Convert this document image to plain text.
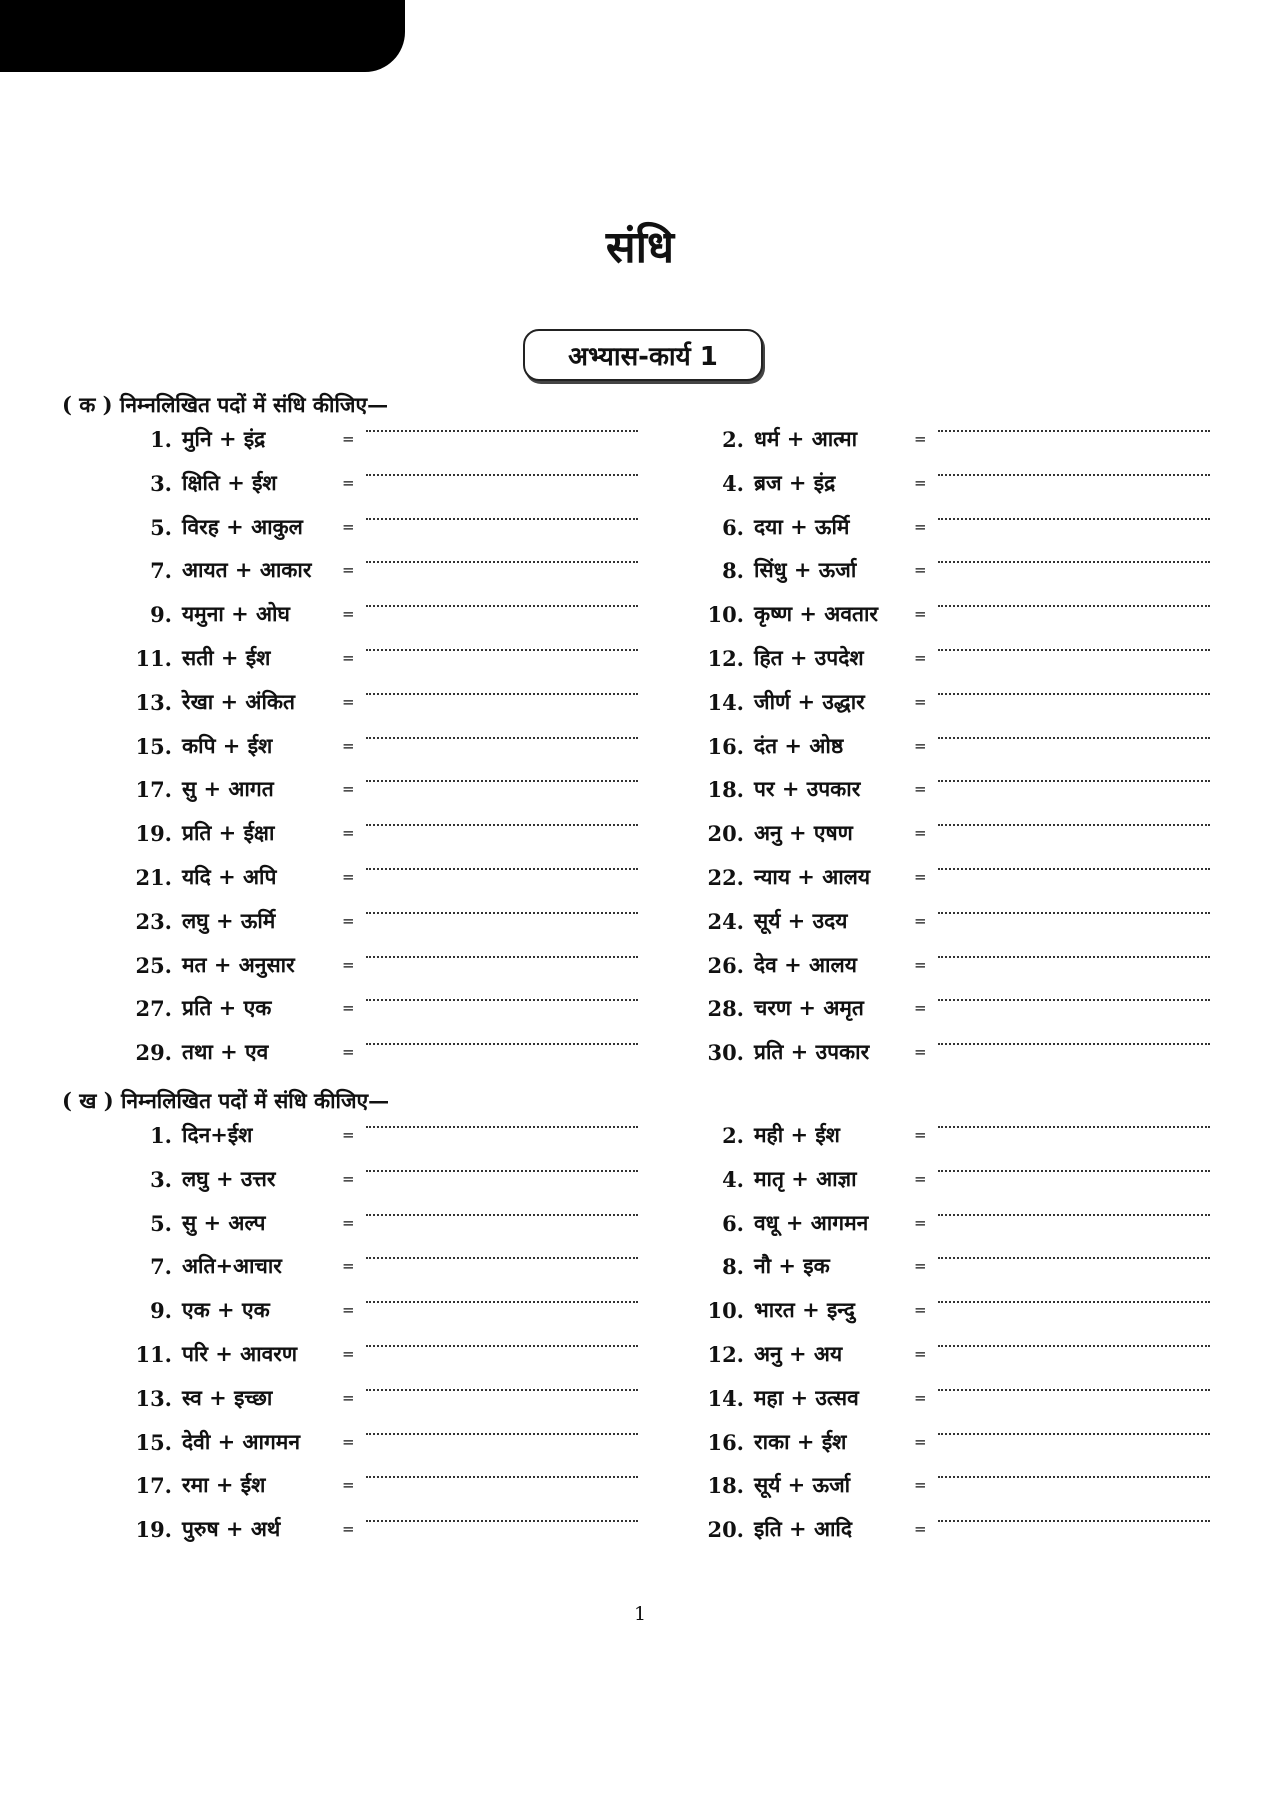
संधि
अभ्यास-कार्य 1
( क ) निम्नलिखित पदों में संधि कीजिए—
1. मुनि + इंद्र	=	2. धर्म + आत्मा	=
3. क्षिति + ईश	=	4. ब्रज + इंद्र	=
5. विरह + आकुल	=	6. दया + ऊर्मि	=
7. आयत + आकार	=	8. सिंधु + ऊर्जा	=
9. यमुना + ओघ	=	10. कृष्ण + अवतार	=
11. सती + ईश	=	12. हित + उपदेश	=
13. रेखा + अंकित	=	14. जीर्ण + उद्धार	=
15. कपि + ईश	=	16. दंत + ओष्ठ	=
17. सु + आगत	=	18. पर + उपकार	=
19. प्रति + ईक्षा	=	20. अनु + एषण	=
21. यदि + अपि	=	22. न्याय + आलय	=
23. लघु + ऊर्मि	=	24. सूर्य + उदय	=
25. मत + अनुसार	=	26. देव + आलय	=
27. प्रति + एक	=	28. चरण + अमृत	=
29. तथा + एव	=	30. प्रति + उपकार	=
( ख ) निम्नलिखित पदों में संधि कीजिए—
1. दिन+ईश	=	2. मही + ईश	=
3. लघु + उत्तर	=	4. मातृ + आज्ञा	=
5. सु + अल्प	=	6. वधू + आगमन	=
7. अति+आचार	=	8. नौ + इक	=
9. एक + एक	=	10. भारत + इन्दु	=
11. परि + आवरण	=	12. अनु + अय	=
13. स्व + इच्छा	=	14. महा + उत्सव	=
15. देवी + आगमन	=	16. राका + ईश	=
17. रमा + ईश	=	18. सूर्य + ऊर्जा	=
19. पुरुष + अर्थ	=	20. इति + आदि	=
1
